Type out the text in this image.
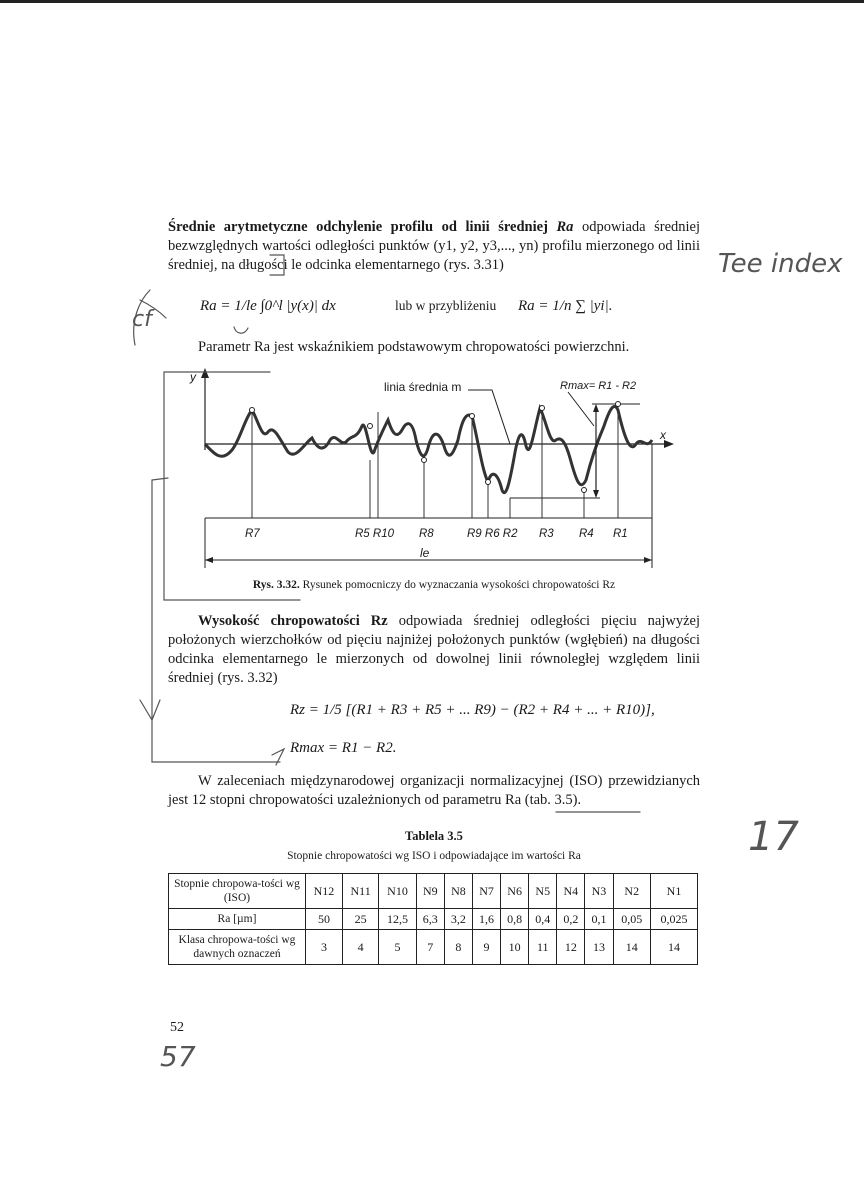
Średnie arytmetyczne odchylenie profilu od linii średniej Ra odpowiada średniej bezwzględnych wartości odległości punktów (y1, y2, y3,..., yn) profilu mierzonego od linii średniej, na długości le odcinka elementarnego (rys. 3.31)

Ra = 1/le ∫0^l |y(x)| dx	lub w przybliżeniu Ra = 1/n ∑ |yi|.

Parametr Ra jest wskaźnikiem podstawowym chropowatości powierzchni.

y
x
linia średnia m	Rmax= R1 - R2
R7	R5 R10 R8	R9 R6 R2 R3 R4 R1
le
Rys. 3.32. Rysunek pomocniczy do wyznaczania wysokości chropowatości Rz

Wysokość chropowatości Rz odpowiada średniej odległości pięciu najwyżej położonych wierzchołków od pięciu najniżej położonych punktów (wgłębień) na długości odcinka elementarnego le mierzonych od dowolnej linii równoległej względem linii średniej (rys. 3.32)

Rz = 1/5 [(R1 + R3 + R5 + ... R9) − (R2 + R4 + ... + R10)],
Rmax = R1 − R2.

W zaleceniach międzynarodowej organizacji normalizacyjnej (ISO) przewidzianych jest 12 stopni chropowatości uzależnionych od parametru Ra (tab. 3.5).

Tablela 3.5
Stopnie chropowatości wg ISO i odpowiadające im wartości Ra
Stopnie chropowa-tości wg (ISO)	N12	N11	N10	N9	N8	N7	N6	N5	N4	N3	N2	N1
Ra [µm]	50	25	12,5	6,3	3,2	1,6	0,8	0,4	0,2	0,1	0,05	0,025
Klasa chropowa-tości wg dawnych oznaczeń	3	4	5	7	8	9	10	11	12	13	14	14
52
Tee index
cf
57
17
